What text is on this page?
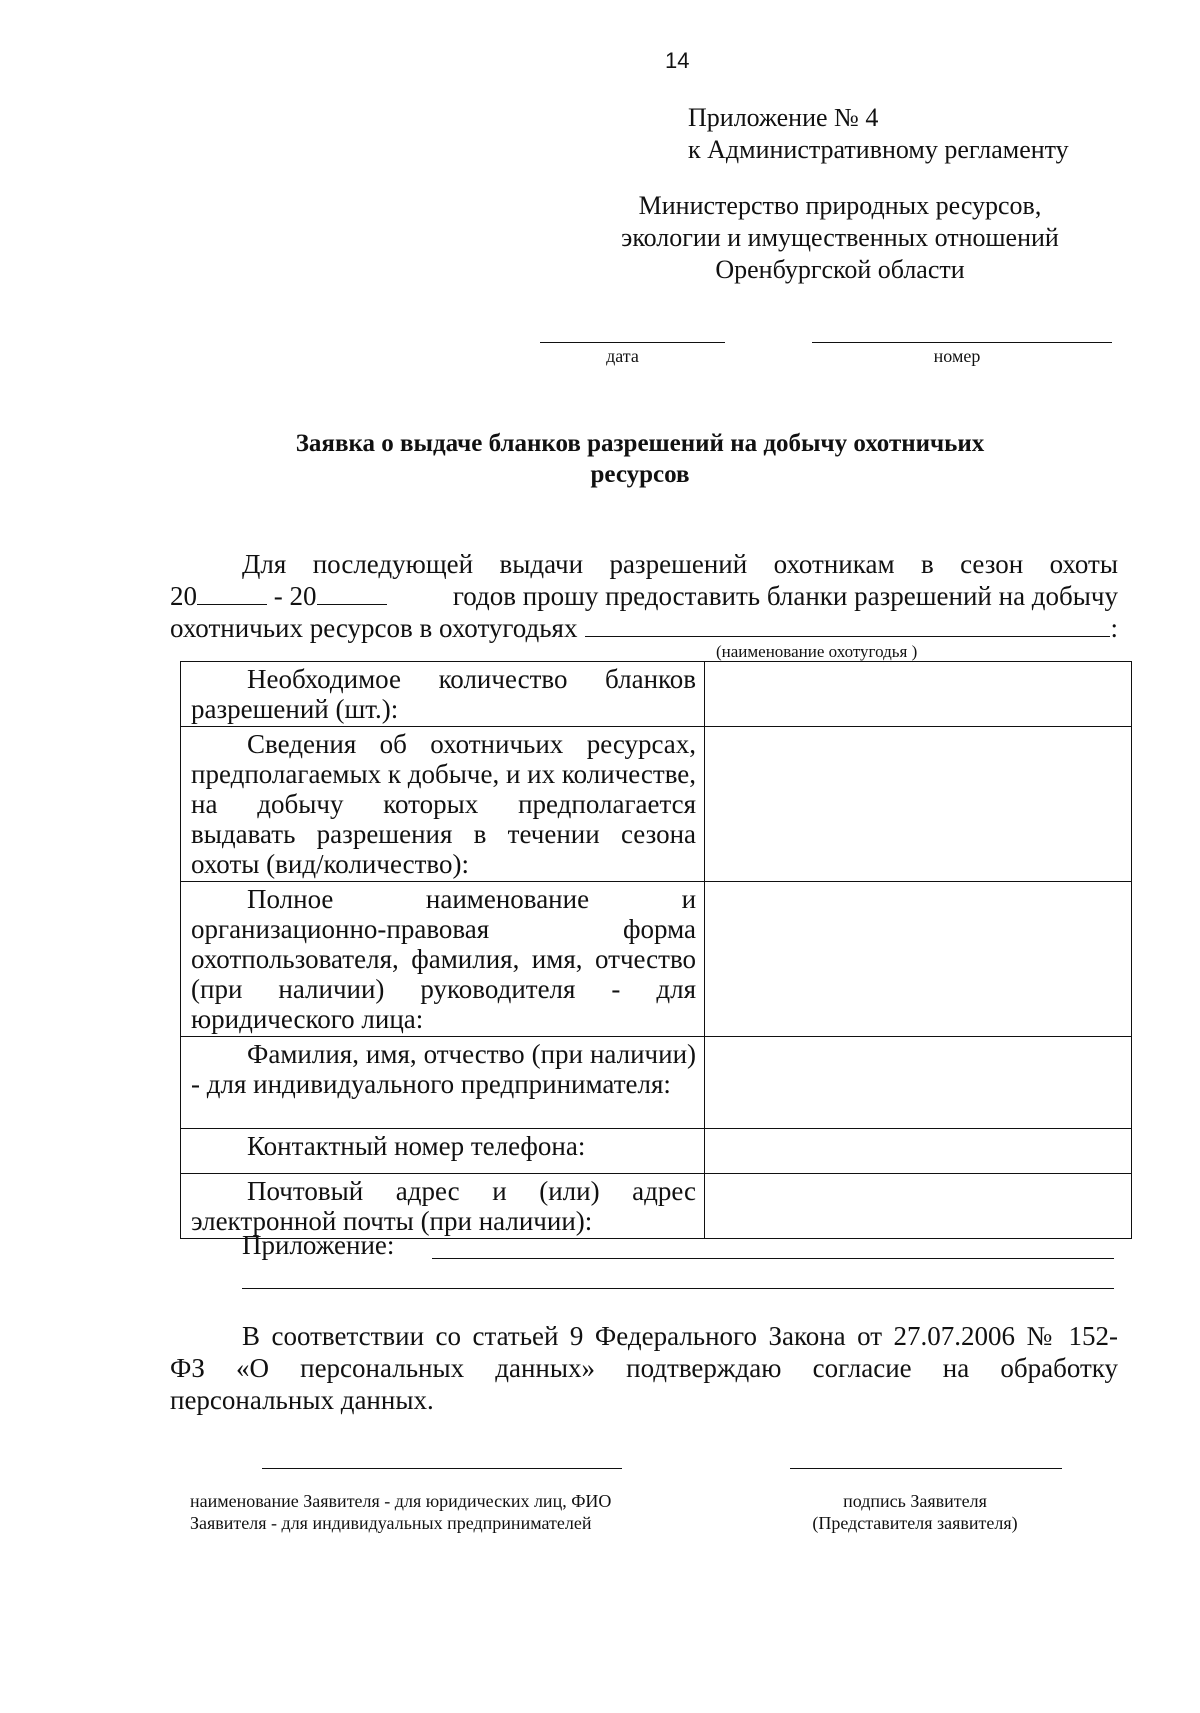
14
Приложение № 4
к Административному регламенту
Министерство природных ресурсов,
экологии и имущественных отношений
Оренбургской области
дата	номер
Заявка о выдаче бланков разрешений на добычу охотничьих
ресурсов
Для последующей выдачи разрешений охотникам в сезон охоты
20	- 20	годов прошу предоставить бланки разрешений на добычу
охотничьих ресурсов в охотугодьях	:
(наименование охотугодья )
Необходимое количество бланков разрешений (шт.):	
Сведения об охотничьих ресурсах, предполагаемых к добыче, и их количестве, на добычу которых предполагается выдавать разрешения в течении сезона охоты (вид/количество):	
Полное наименование и организационно-правовая форма охотпользователя, фамилия, имя, отчество (при наличии) руководителя - для юридического лица:	
Фамилия, имя, отчество (при наличии) - для индивидуального предпринимателя:	
Контактный номер телефона:	
Почтовый адрес и (или) адрес электронной почты (при наличии):	
Приложение:
В соответствии со статьей 9 Федерального Закона от 27.07.2006 № 152-
ФЗ «О персональных данных» подтверждаю согласие на обработку
персональных данных.
наименование Заявителя - для юридических лиц, ФИО
Заявителя - для индивидуальных предпринимателей
подпись Заявителя
(Представителя заявителя)
